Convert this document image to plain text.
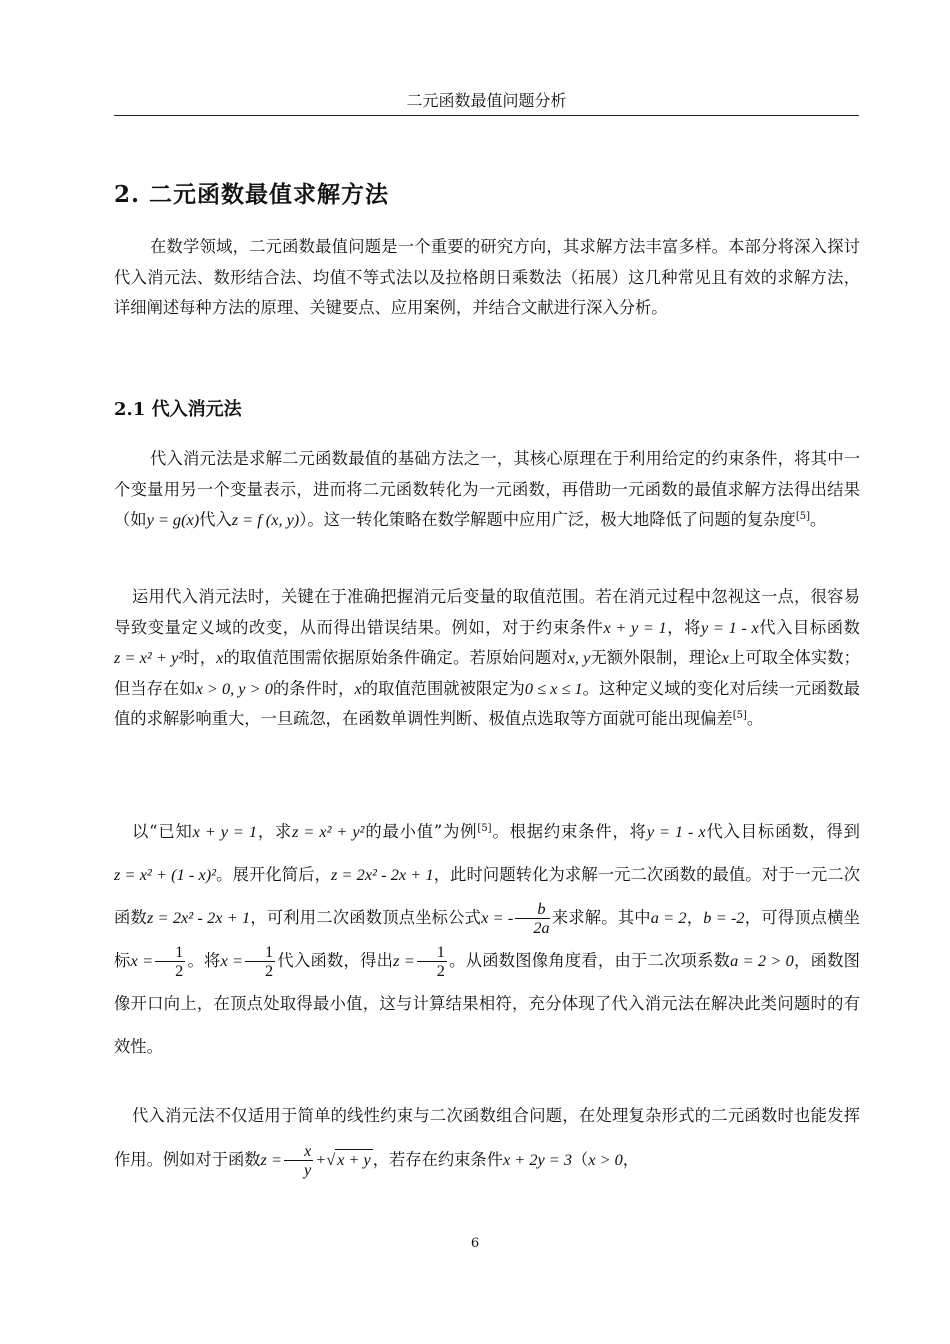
二元函数最值问题分析
2. 二元函数最值求解方法

在数学领域，二元函数最值问题是一个重要的研究方向，其求解方法丰富多样。本部分将深入探讨代入消元法、数形结合法、均值不等式法以及拉格朗日乘数法（拓展）这几种常见且有效的求解方法，详细阐述每种方法的原理、关键要点、应用案例，并结合文献进行深入分析。

2.1 代入消元法

代入消元法是求解二元函数最值的基础方法之一，其核心原理在于利用给定的约束条件，将其中一个变量用另一个变量表示，进而将二元函数转化为一元函数，再借助一元函数的最值求解方法得出结果（如y = g(x)代入z = f (x, y)）。这一转化策略在数学解题中应用广泛，极大地降低了问题的复杂度[5]。

运用代入消元法时，关键在于准确把握消元后变量的取值范围。若在消元过程中忽视这一点，很容易导致变量定义域的改变，从而得出错误结果。例如，对于约束条件x + y = 1，将y = 1 - x代入目标函数z = x² + y²时，x的取值范围需依据原始条件确定。若原始问题对x, y无额外限制，理论x上可取全体实数；但当存在如x > 0, y > 0的条件时，x的取值范围就被限定为0 ≤ x ≤ 1。这种定义域的变化对后续一元函数最值的求解影响重大，一旦疏忽，在函数单调性判断、极值点选取等方面就可能出现偏差[5]。

以“已知x + y = 1，求z = x² + y²的最小值”为例[5]。根据约束条件，将y = 1 - x代入目标函数，得到z = x² + (1 - x)²。展开化简后，z = 2x² - 2x + 1，此时问题转化为求解一元二次函数的最值。对于一元二次函数z = 2x² - 2x + 1，可利用二次函数顶点坐标公式x = - $\frac{b}{2a}$ 来求解。其中a = 2，b = -2，可得顶点横坐标$x = \frac{1}{2}$ 。将$x = \frac{1}{2}$ 代入函数，得出$z = \frac{1}{2}$ 。从函数图像角度看，由于二次项系数a = 2 > 0，函数图像开口向上，在顶点处取得最小值，这与计算结果相符，充分体现了代入消元法在解决此类问题时的有效性。

代入消元法不仅适用于简单的线性约束与二次函数组合问题，在处理复杂形式的二元函数时也能发挥作用。例如对于函数$z = \frac{x}{y}$ +√ x + y ，若存在约束条件x + 2y = 3（x > 0，

6
